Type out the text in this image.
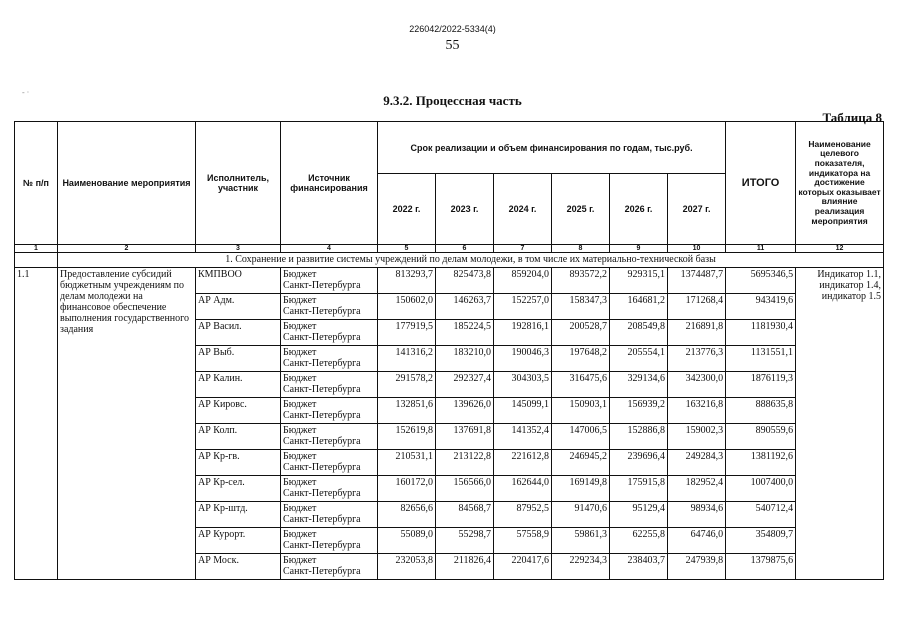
- ·
226042/2022-5334(4)
55
9.3.2. Процессная часть
Таблица 8
№ п/п	Наименование мероприятия	Исполнитель, участник	Источник финансирования	Срок реализации и объем финансирования по годам, тыс.руб.						ИТОГО	Наименование целевого показателя, индикатора на достижение которых оказывает влияние реализация мероприятия
				2022 г.	2023 г.	2024 г.	2025 г.	2026 г.	2027 г.		
1	2	3	4	5	6	7	8	9	10	11	12
	1. Сохранение и развитие системы учреждений по делам молодежи, в том числе их материально-технической базы										
1.1	Предоставление субсидий бюджетным учреждениям по делам молодежи на финансовое обеспечение выполнения государственного задания	КМПВОО	Бюджет
Санкт-Петербурга	813293,7	825473,8	859204,0	893572,2	929315,1	1374487,7	5695346,5	Индикатор 1.1, индикатор 1.4, индикатор 1.5
		АР Адм.	Бюджет
Санкт-Петербурга	150602,0	146263,7	152257,0	158347,3	164681,2	171268,4	943419,6	
		АР Васил.	Бюджет
Санкт-Петербурга	177919,5	185224,5	192816,1	200528,7	208549,8	216891,8	1181930,4	
		АР Выб.	Бюджет
Санкт-Петербурга	141316,2	183210,0	190046,3	197648,2	205554,1	213776,3	1131551,1	
		АР Калин.	Бюджет
Санкт-Петербурга	291578,2	292327,4	304303,5	316475,6	329134,6	342300,0	1876119,3	
		АР Кировс.	Бюджет
Санкт-Петербурга	132851,6	139626,0	145099,1	150903,1	156939,2	163216,8	888635,8	
		АР Колп.	Бюджет
Санкт-Петербурга	152619,8	137691,8	141352,4	147006,5	152886,8	159002,3	890559,6	
		АР Кр-гв.	Бюджет
Санкт-Петербурга	210531,1	213122,8	221612,8	246945,2	239696,4	249284,3	1381192,6	
		АР Кр-сел.	Бюджет
Санкт-Петербурга	160172,0	156566,0	162644,0	169149,8	175915,8	182952,4	1007400,0	
		АР Кр-штд.	Бюджет
Санкт-Петербурга	82656,6	84568,7	87952,5	91470,6	95129,4	98934,6	540712,4	
		АР Курорт.	Бюджет
Санкт-Петербурга	55089,0	55298,7	57558,9	59861,3	62255,8	64746,0	354809,7	
		АР Моск.	Бюджет
Санкт-Петербурга	232053,8	211826,4	220417,6	229234,3	238403,7	247939,8	1379875,6	
